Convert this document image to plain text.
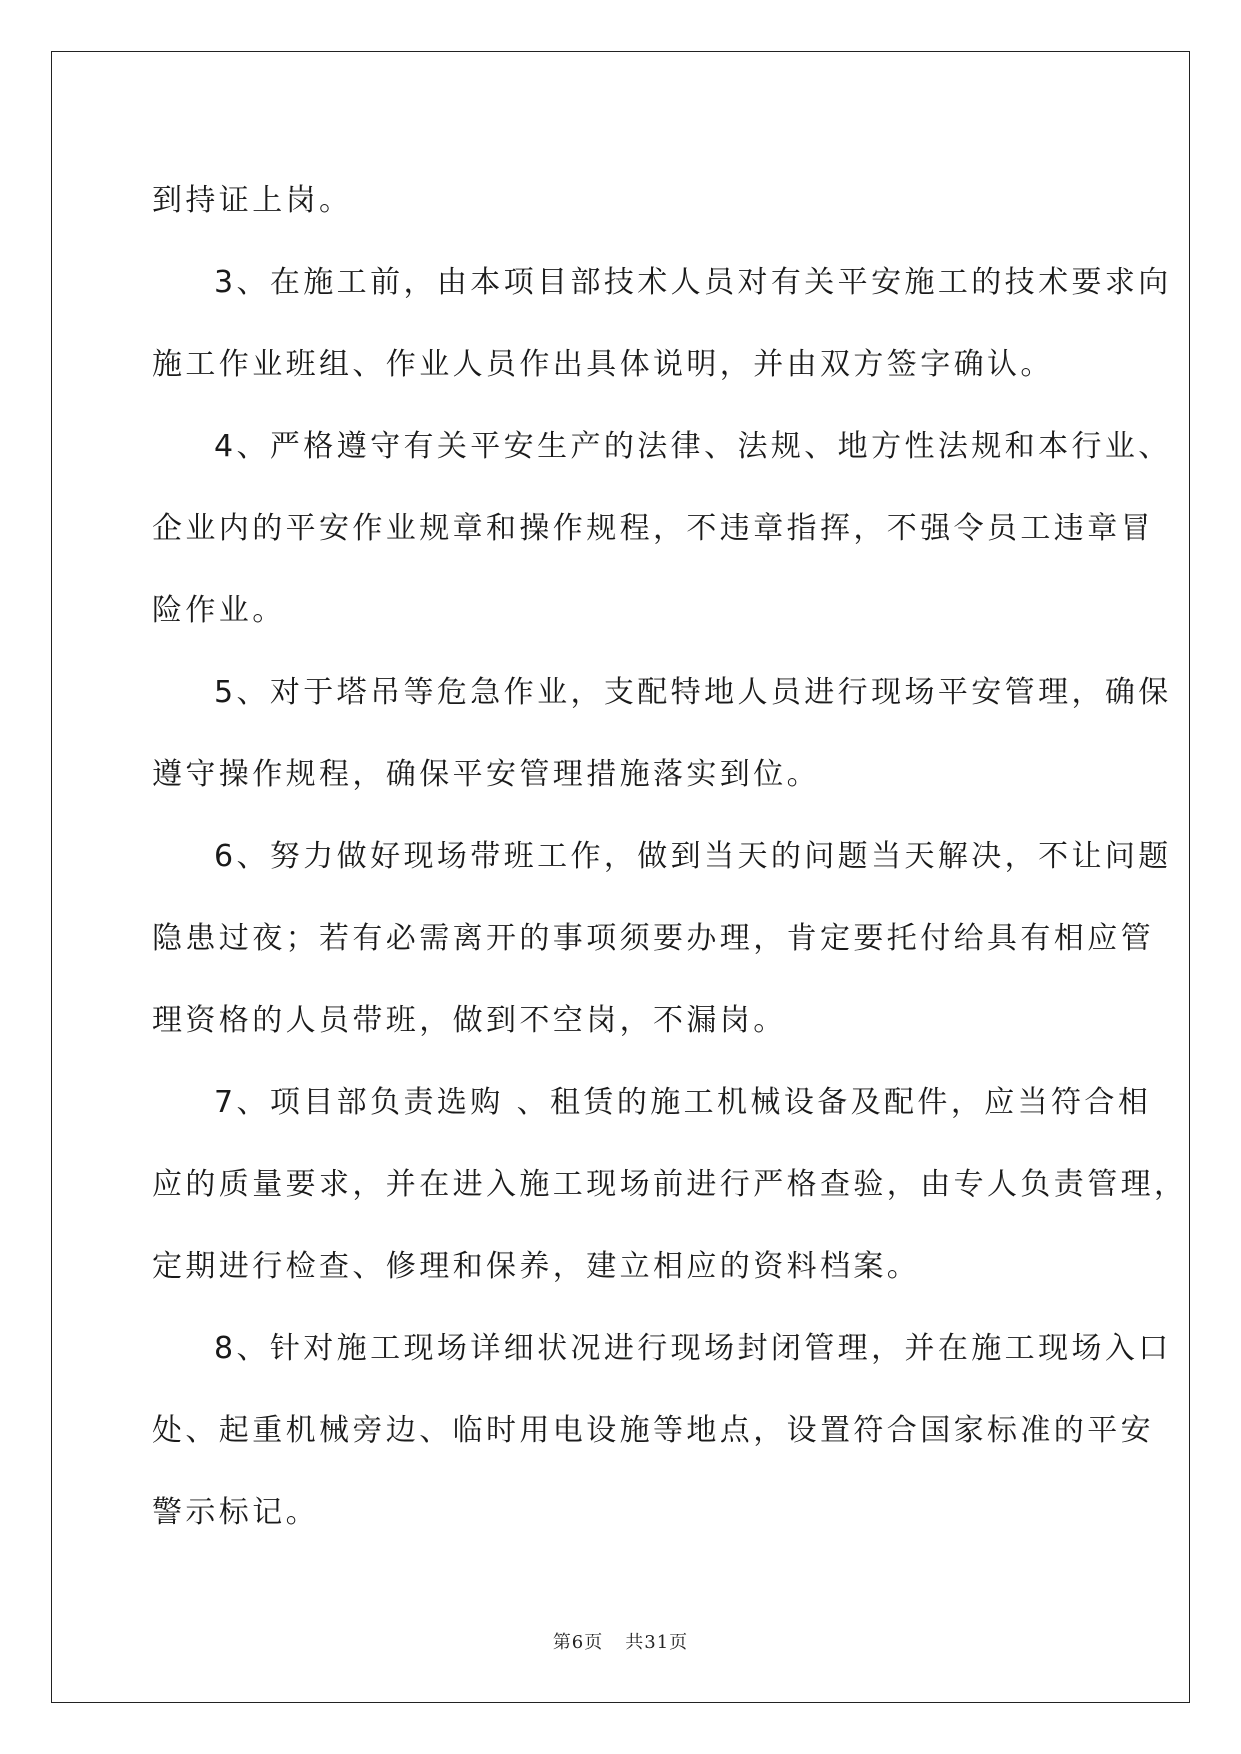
到持证上岗。

3、在施工前，由本项目部技术人员对有关平安施工的技术要求向
施工作业班组、作业人员作出具体说明，并由双方签字确认。

4、严格遵守有关平安生产的法律、法规、地方性法规和本行业、
企业内的平安作业规章和操作规程，不违章指挥，不强令员工违章冒
险作业。

5、对于塔吊等危急作业，支配特地人员进行现场平安管理，确保
遵守操作规程，确保平安管理措施落实到位。

6、努力做好现场带班工作，做到当天的问题当天解决，不让问题
隐患过夜；若有必需离开的事项须要办理，肯定要托付给具有相应管
理资格的人员带班，做到不空岗，不漏岗。

7、项目部负责选购 、租赁的施工机械设备及配件，应当符合相
应的质量要求，并在进入施工现场前进行严格查验，由专人负责管理，
定期进行检查、修理和保养，建立相应的资料档案。

8、针对施工现场详细状况进行现场封闭管理，并在施工现场入口
处、起重机械旁边、临时用电设施等地点，设置符合国家标准的平安
警示标记。

第6页 共31页
